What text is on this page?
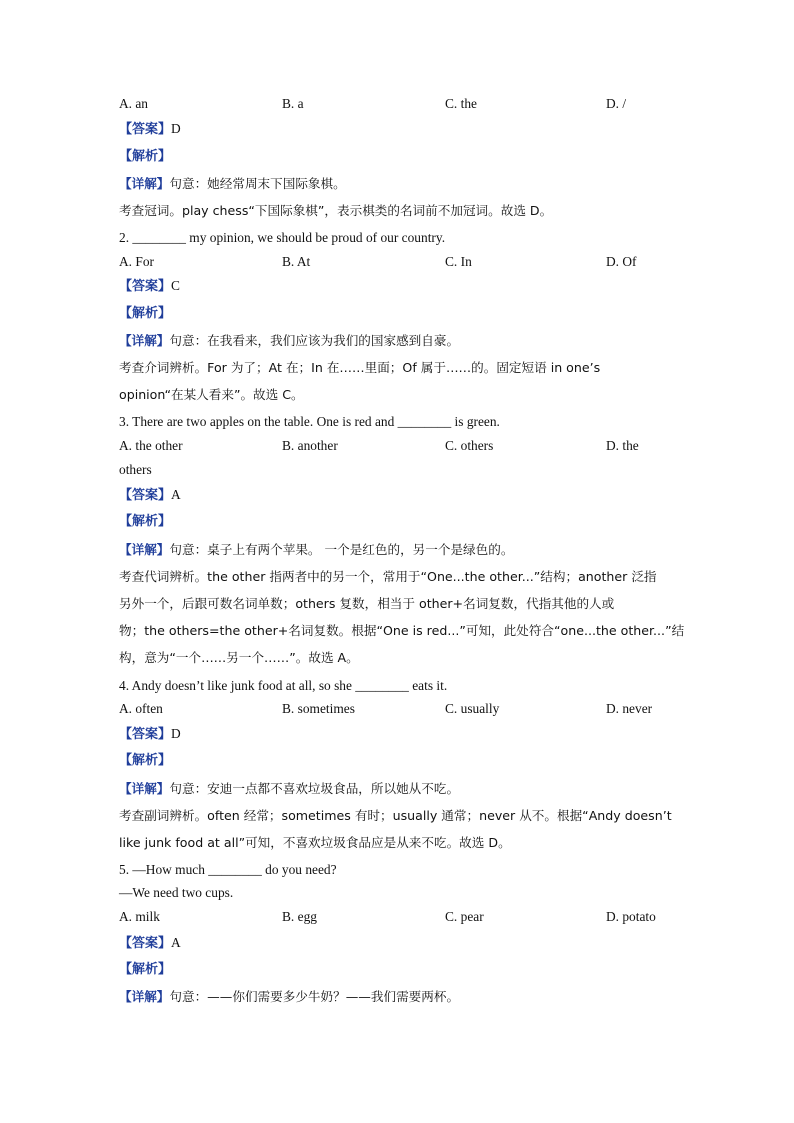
A. an	B. a	C. the	D. /
【答案】D
【解析】
【详解】句意：她经常周末下国际象棋。
考查冠词。play chess“下国际象棋”，表示棋类的名词前不加冠词。故选 D。
2. ________ my opinion, we should be proud of our country.
A. For	B. At	C. In	D. Of
【答案】C
【解析】
【详解】句意：在我看来，我们应该为我们的国家感到自豪。
考查介词辨析。For 为了；At 在；In 在……里面；Of 属于……的。固定短语 in one’s
opinion“在某人看来”。故选 C。
3. There are two apples on the table. One is red and ________ is green.
A. the other	B. another	C. others	D. the
others
【答案】A
【解析】
【详解】句意：桌子上有两个苹果。 一个是红色的，另一个是绿色的。
考查代词辨析。the other 指两者中的另一个，常用于“One...the other...”结构；another 泛指
另外一个，后跟可数名词单数；others 复数，相当于 other+名词复数，代指其他的人或
物；the others=the other+名词复数。根据“One is red...”可知，此处符合“one...the other...”结
构，意为“一个……另一个……”。故选 A。
4. Andy doesn’t like junk food at all, so she ________ eats it.
A. often	B. sometimes	C. usually	D. never
【答案】D
【解析】
【详解】句意：安迪一点都不喜欢垃圾食品，所以她从不吃。
考查副词辨析。often 经常；sometimes 有时；usually 通常；never 从不。根据“Andy doesn’t
like junk food at all”可知，不喜欢垃圾食品应是从来不吃。故选 D。
5. —How much ________ do you need?
—We need two cups.
A. milk	B. egg	C. pear	D. potato
【答案】A
【解析】
【详解】句意：——你们需要多少牛奶？——我们需要两杯。
